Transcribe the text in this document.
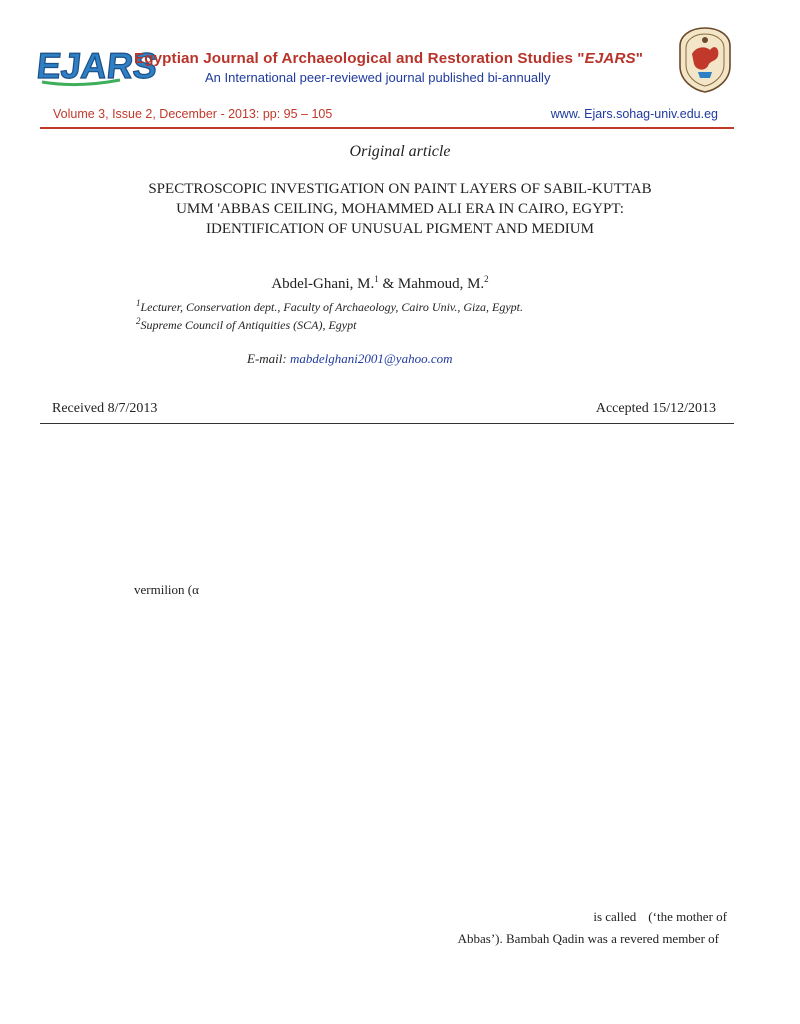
EJARS
Egyptian Journal of Archaeological and Restoration Studies "EJARS"
An International peer-reviewed journal published bi-annually
Volume 3, Issue 2, December - 2013: pp: 95 – 105	www. Ejars.sohag-univ.edu.eg
Original article
SPECTROSCOPIC INVESTIGATION ON PAINT LAYERS OF SABIL-KUTTAB
UMM 'ABBAS CEILING, MOHAMMED ALI ERA IN CAIRO, EGYPT:
IDENTIFICATION OF UNUSUAL PIGMENT AND MEDIUM
Abdel-Ghani, M.$^1$ & Mahmoud, M.$^2$
$^1$Lecturer, Conservation dept., Faculty of Archaeology, Cairo Univ., Giza, Egypt.
$^2$Supreme Council of Antiquities (SCA), Egypt
E-mail: mabdelghani2001@yahoo.com
Received 8/7/2013	Accepted 15/12/2013
vermilion (α
is called (‘the mother of
Abbas’). Bambah Qadin was a revered member of
